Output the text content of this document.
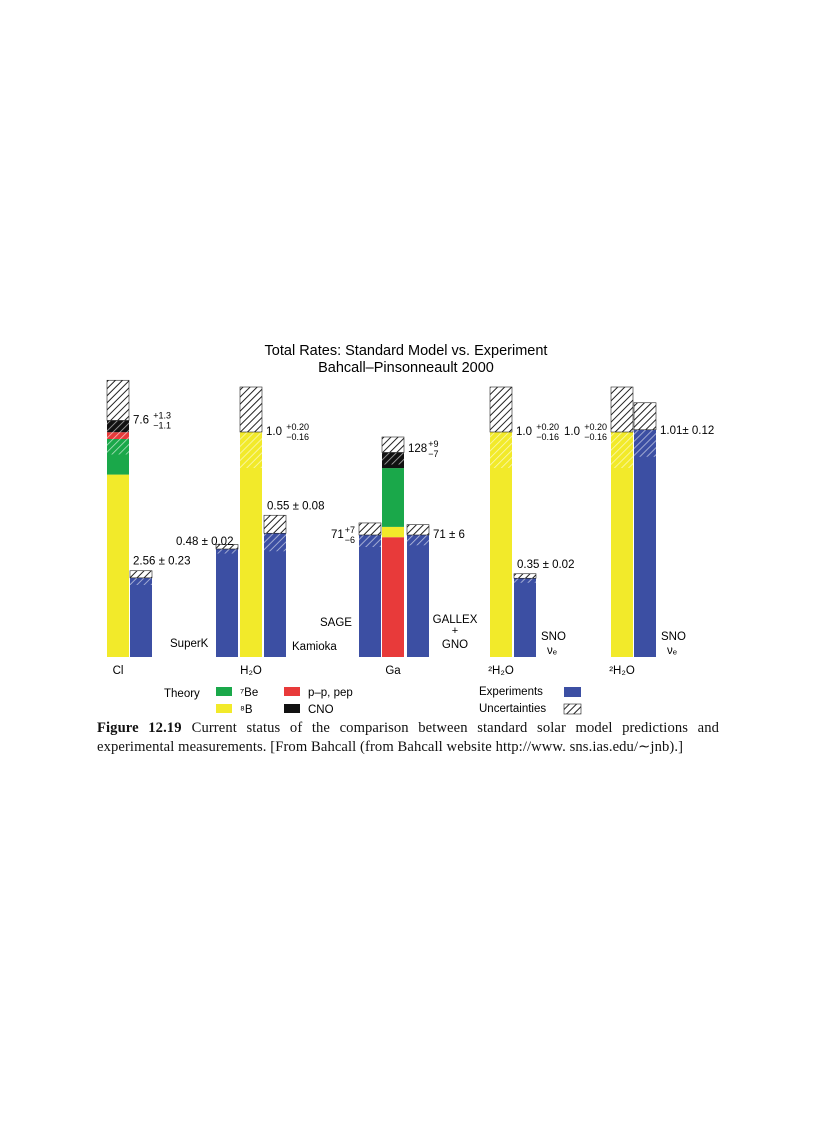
Total Rates: Standard Model vs. Experiment
Bahcall–Pinsonneault 2000
7.6 +1.3
−1.1
Cl
2.56 ± 0.23
1.0 +0.20
−0.16
H₂O
0.48 ± 0.02
SuperK
0.55 ± 0.08
Kamioka
128 +9
−7
Ga
71 +7
−6
SAGE
71 ± 6
GALLEX
+
GNO
1.0 +0.20
−0.16
²H₂O
0.35 ± 0.02
SNO
νₑ
1.0 +0.20
−0.16
²H₂O
1.01± 0.12
SNO
νₑ
Theory	⁷Be	p–p, pep
⁸B	CNO
Experiments
Uncertainties
Figure 12.19 Current status of the comparison between standard solar model predictions and experimental measurements. [From Bahcall (from Bahcall website http://www. sns.ias.edu/∼jnb).]
